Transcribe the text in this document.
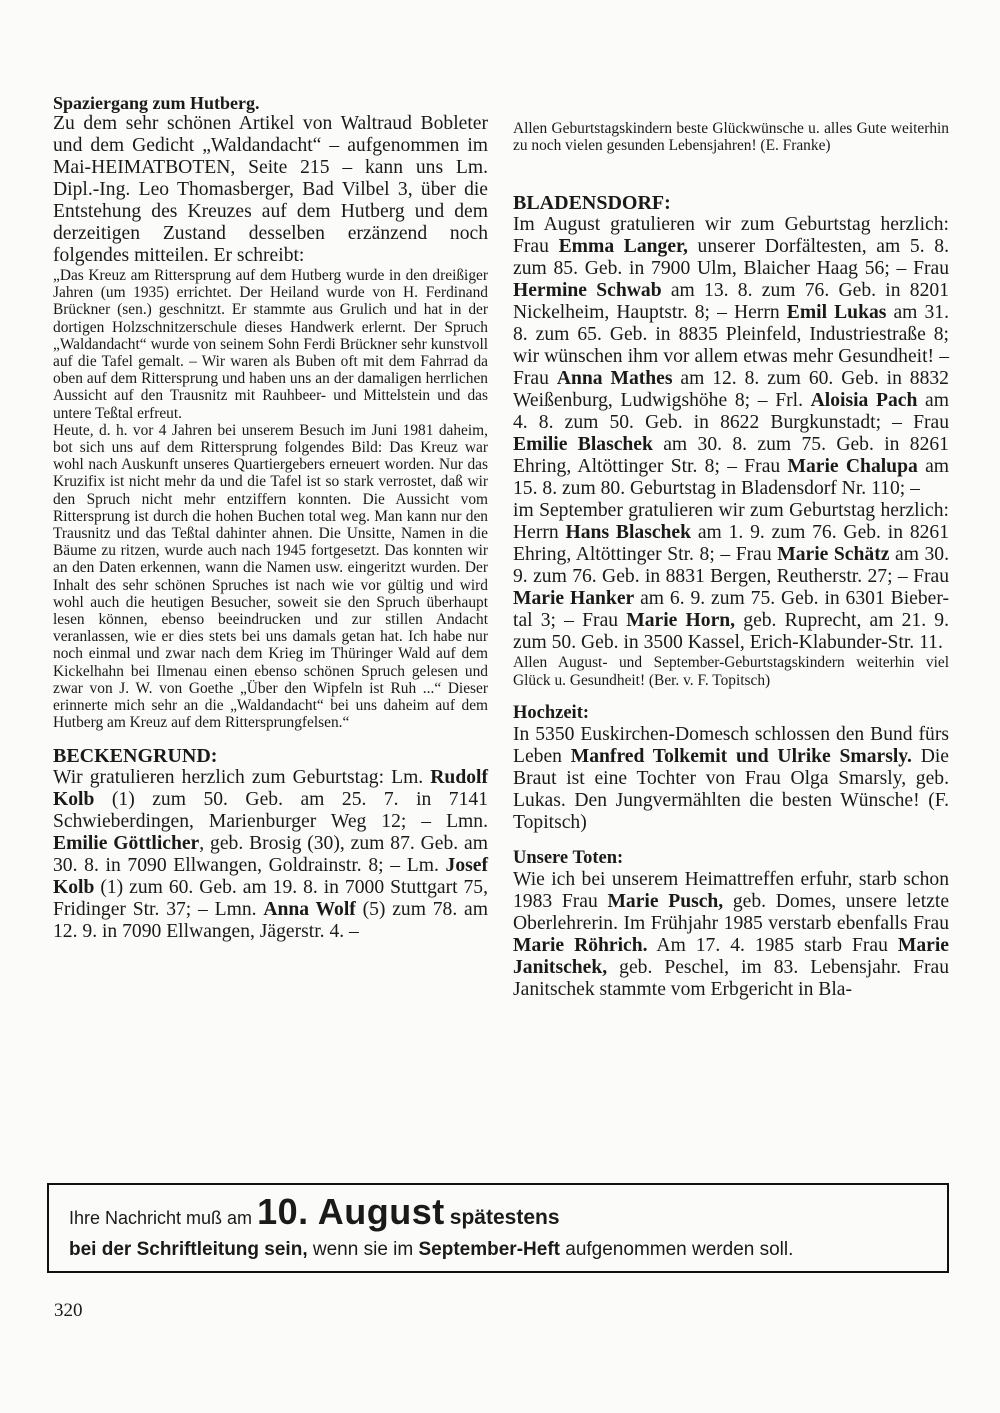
Spaziergang zum Hutberg.

Zu dem sehr schönen Artikel von Waltraud Bobleter und dem Gedicht „Waldandacht“ – aufgenommen im Mai-HEIMATBOTEN, Seite 215 – kann uns Lm. Dipl.-Ing. Leo Thomasberger, Bad Vilbel 3, über die Entstehung des Kreuzes auf dem Hutberg und dem derzeitigen Zustand desselben erzänzend noch folgendes mitteilen. Er schreibt:

„Das Kreuz am Rittersprung auf dem Hutberg wurde in den dreißiger Jahren (um 1935) errichtet. Der Heiland wurde von H. Ferdinand Brückner (sen.) geschnitzt. Er stammte aus Grulich und hat in der dortigen Holzschnitzerschule dieses Handwerk erlernt. Der Spruch „Waldandacht“ wurde von seinem Sohn Ferdi Brückner sehr kunstvoll auf die Tafel gemalt. – Wir waren als Buben oft mit dem Fahrrad da oben auf dem Rittersprung und haben uns an der damaligen herrlichen Aussicht auf den Trausnitz mit Rauhbeer- und Mittelstein und das untere Teßtal erfreut.

Heute, d. h. vor 4 Jahren bei unserem Besuch im Juni 1981 daheim, bot sich uns auf dem Rittersprung folgendes Bild: Das Kreuz war wohl nach Auskunft unseres Quartiergebers erneuert worden. Nur das Kruzifix ist nicht mehr da und die Tafel ist so stark verrostet, daß wir den Spruch nicht mehr entziffern konnten. Die Aussicht vom Rittersprung ist durch die hohen Buchen total weg. Man kann nur den Trausnitz und das Teßtal dahinter ahnen. Die Unsitte, Namen in die Bäume zu ritzen, wurde auch nach 1945 fortgesetzt. Das konnten wir an den Daten erkennen, wann die Namen usw. eingeritzt wurden. Der Inhalt des sehr schönen Spruches ist nach wie vor gültig und wird wohl auch die heutigen Besucher, soweit sie den Spruch überhaupt lesen können, ebenso beeindrucken und zur stillen Andacht veranlassen, wie er dies stets bei uns damals getan hat. Ich habe nur noch einmal und zwar nach dem Krieg im Thüringer Wald auf dem Kickelhahn bei Ilmenau einen ebenso schönen Spruch gelesen und zwar von J. W. von Goethe „Über den Wipfeln ist Ruh ...“ Dieser erinnerte mich sehr an die „Waldandacht“ bei uns daheim auf dem Hutberg am Kreuz auf dem Rittersprungfelsen.“

BECKENGRUND:

Wir gratulieren herzlich zum Geburtstag: Lm. Rudolf Kolb (1) zum 50. Geb. am 25. 7. in 7141 Schwieberdingen, Marienburger Weg 12; – Lmn. Emilie Göttlicher, geb. Brosig (30), zum 87. Geb. am 30. 8. in 7090 Ellwangen, Goldrainstr. 8; – Lm. Josef Kolb (1) zum 60. Geb. am 19. 8. in 7000 Stuttgart 75, Fridinger Str. 37; – Lmn. Anna Wolf (5) zum 78. am 12. 9. in 7090 Ellwangen, Jägerstr. 4. –

Allen Geburtstagskindern beste Glückwünsche u. alles Gute weiterhin zu noch vielen gesunden Lebensjahren! (E. Franke)

BLADENSDORF:

Im August gratulieren wir zum Geburtstag herzlich: Frau Emma Langer, unserer Dorfältesten, am 5. 8. zum 85. Geb. in 7900 Ulm, Blaicher Haag 56; – Frau Hermine Schwab am 13. 8. zum 76. Geb. in 8201 Nickelheim, Hauptstr. 8; – Herrn Emil Lukas am 31. 8. zum 65. Geb. in 8835 Pleinfeld, Industriestraße 8; wir wünschen ihm vor allem etwas mehr Gesundheit! – Frau Anna Mathes am 12. 8. zum 60. Geb. in 8832 Weißenburg, Ludwigshöhe 8; – Frl. Aloisia Pach am 4. 8. zum 50. Geb. in 8622 Burgkunstadt; – Frau Emilie Blaschek am 30. 8. zum 75. Geb. in 8261 Ehring, Altöttinger Str. 8; – Frau Marie Chalupa am 15. 8. zum 80. Geburtstag in Bladensdorf Nr. 110; –

im September gratulieren wir zum Geburtstag herzlich: Herrn Hans Blaschek am 1. 9. zum 76. Geb. in 8261 Ehring, Altöttinger Str. 8; – Frau Marie Schätz am 30. 9. zum 76. Geb. in 8831 Bergen, Reutherstr. 27; – Frau Marie Hanker am 6. 9. zum 75. Geb. in 6301 Bieber-tal 3; – Frau Marie Horn, geb. Ruprecht, am 21. 9. zum 50. Geb. in 3500 Kassel, Erich-Klabunder-Str. 11.

Allen August- und September-Geburtstagskindern weiterhin viel Glück u. Gesundheit! (Ber. v. F. Topitsch)

Hochzeit:

In 5350 Euskirchen-Domesch schlossen den Bund fürs Leben Manfred Tolkemit und Ulrike Smarsly. Die Braut ist eine Tochter von Frau Olga Smarsly, geb. Lukas. Den Jungvermählten die besten Wünsche! (F. Topitsch)

Unsere Toten:

Wie ich bei unserem Heimattreffen erfuhr, starb schon 1983 Frau Marie Pusch, geb. Domes, unsere letzte Oberlehrerin. Im Frühjahr 1985 verstarb ebenfalls Frau Marie Röhrich. Am 17. 4. 1985 starb Frau Marie Janitschek, geb. Peschel, im 83. Lebensjahr. Frau Janitschek stammte vom Erbgericht in Bla-

Ihre Nachricht muß am 10. August spätestens
bei der Schriftleitung sein, wenn sie im September-Heft aufgenommen werden soll.
320
